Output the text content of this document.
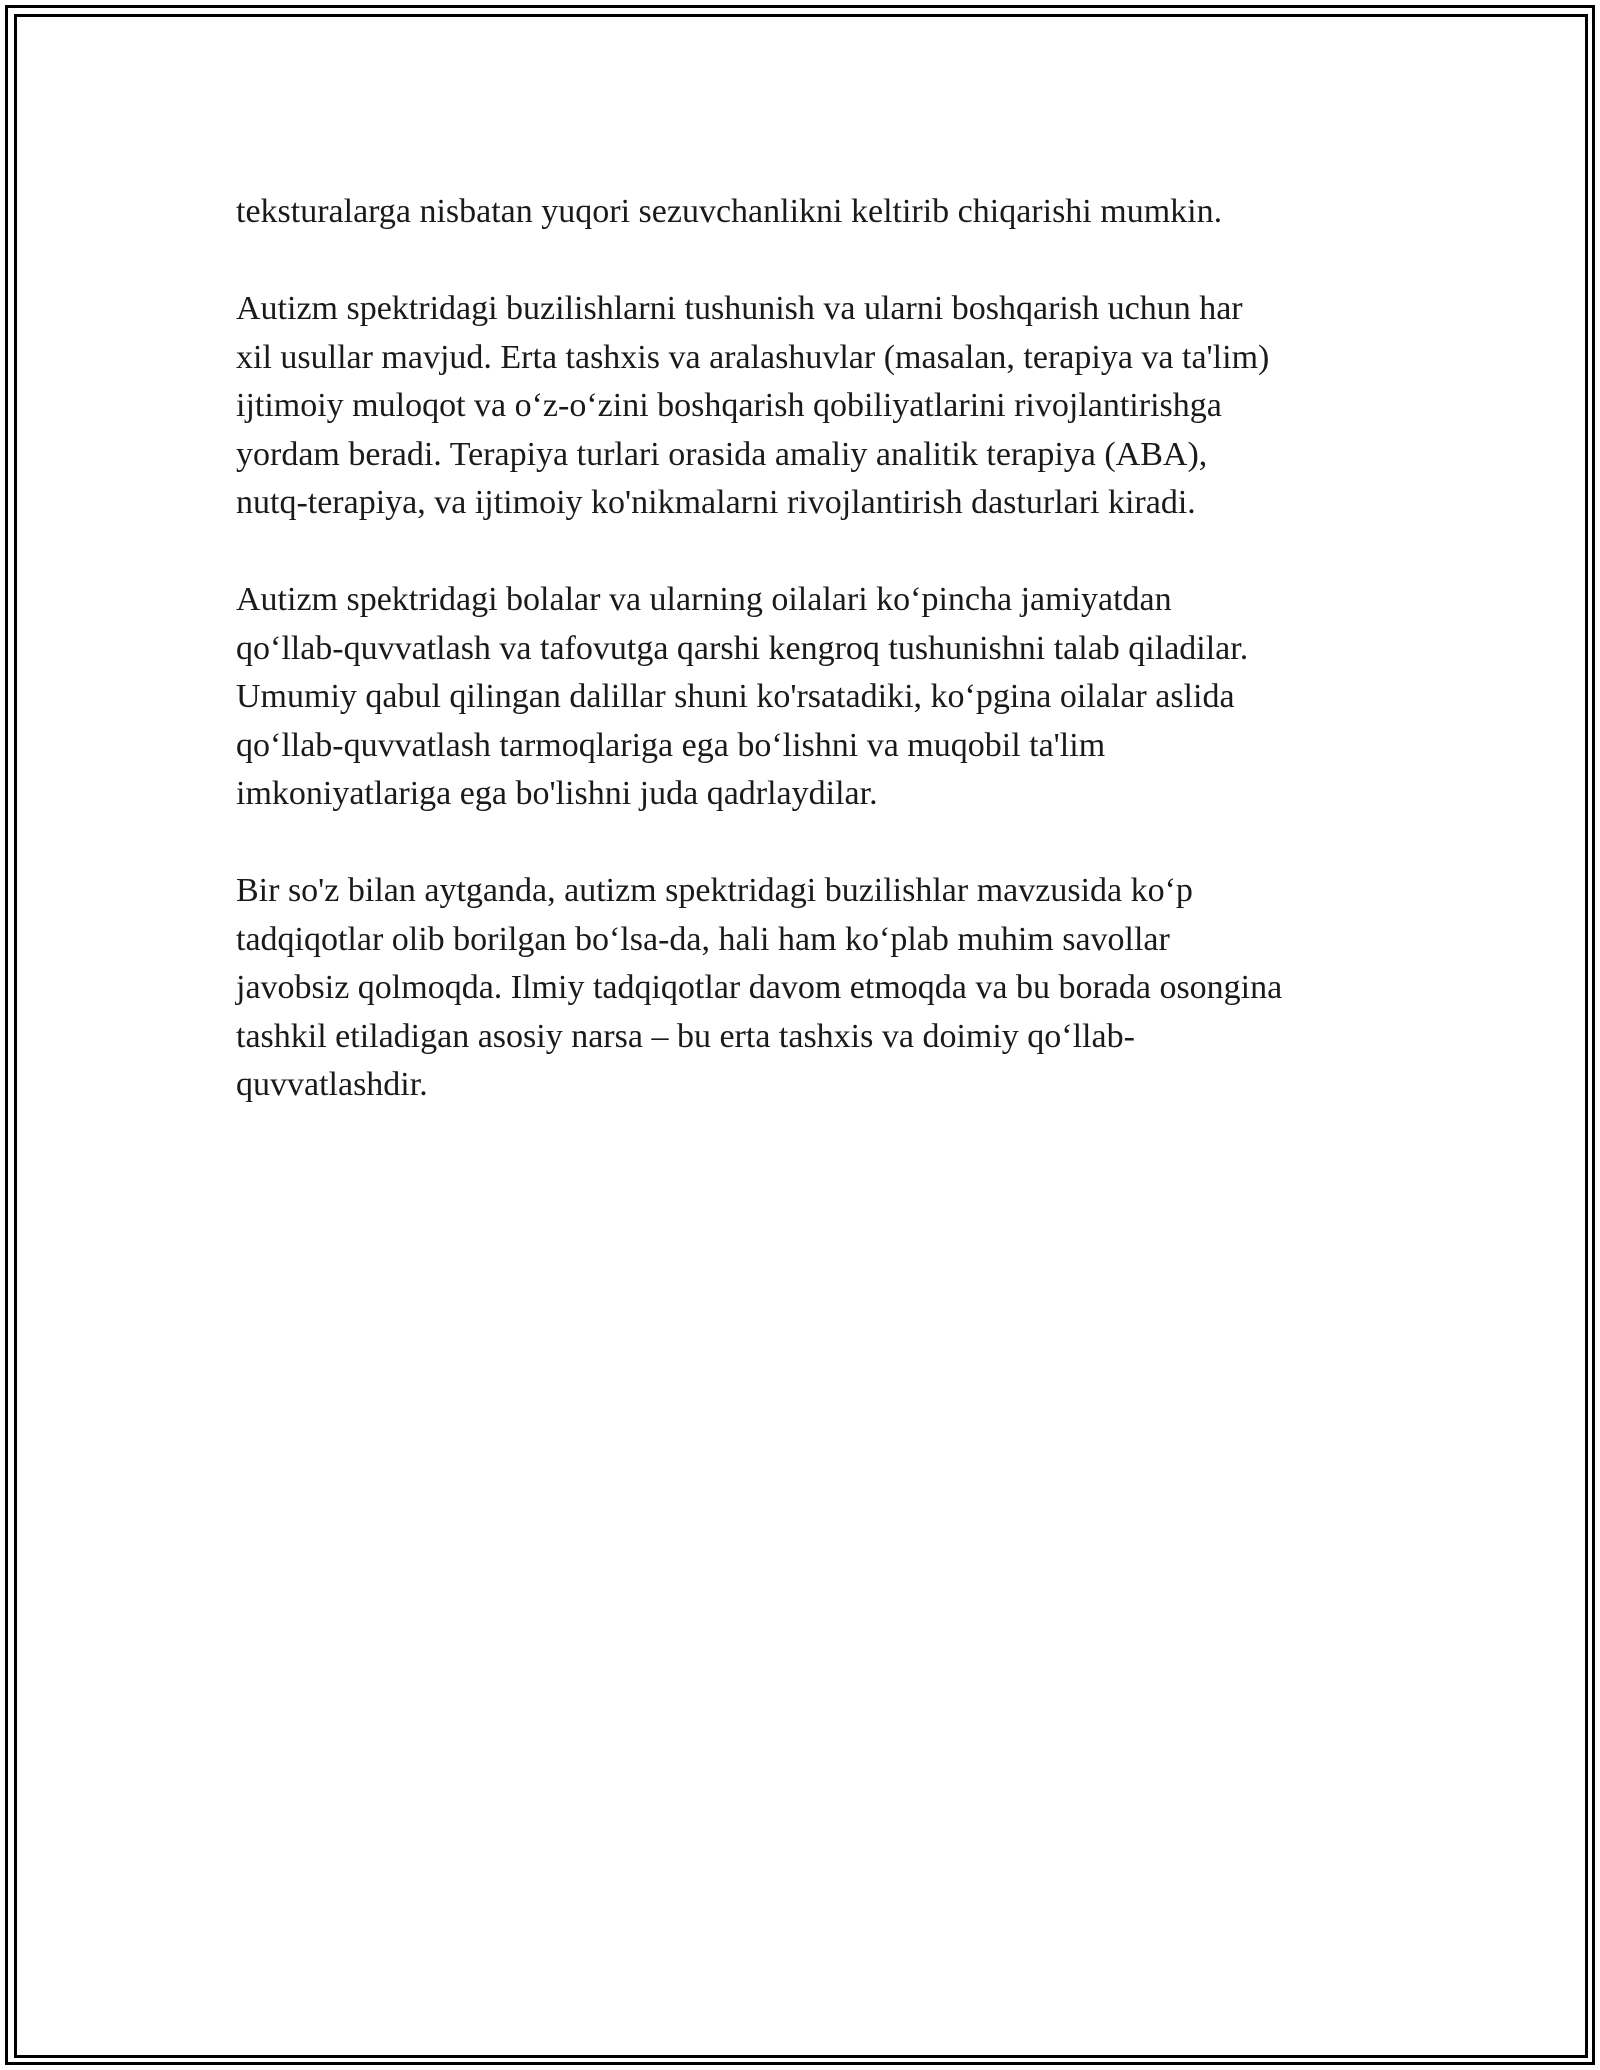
teksturalarga nisbatan yuqori sezuvchanlikni keltirib chiqarishi mumkin.

Autizm spektridagi buzilishlarni tushunish va ularni boshqarish uchun har
xil usullar mavjud. Erta tashxis va aralashuvlar (masalan, terapiya va ta'lim)
ijtimoiy muloqot va o‘z-o‘zini boshqarish qobiliyatlarini rivojlantirishga
yordam beradi. Terapiya turlari orasida amaliy analitik terapiya (ABA),
nutq-terapiya, va ijtimoiy ko'nikmalarni rivojlantirish dasturlari kiradi.

Autizm spektridagi bolalar va ularning oilalari ko‘pincha jamiyatdan
qo‘llab-quvvatlash va tafovutga qarshi kengroq tushunishni talab qiladilar.
Umumiy qabul qilingan dalillar shuni ko'rsatadiki, ko‘pgina oilalar aslida
qo‘llab-quvvatlash tarmoqlariga ega bo‘lishni va muqobil ta'lim
imkoniyatlariga ega bo'lishni juda qadrlaydilar.

Bir so'z bilan aytganda, autizm spektridagi buzilishlar mavzusida ko‘p
tadqiqotlar olib borilgan bo‘lsa-da, hali ham ko‘plab muhim savollar
javobsiz qolmoqda. Ilmiy tadqiqotlar davom etmoqda va bu borada osongina
tashkil etiladigan asosiy narsa – bu erta tashxis va doimiy qo‘llab-
quvvatlashdir.
